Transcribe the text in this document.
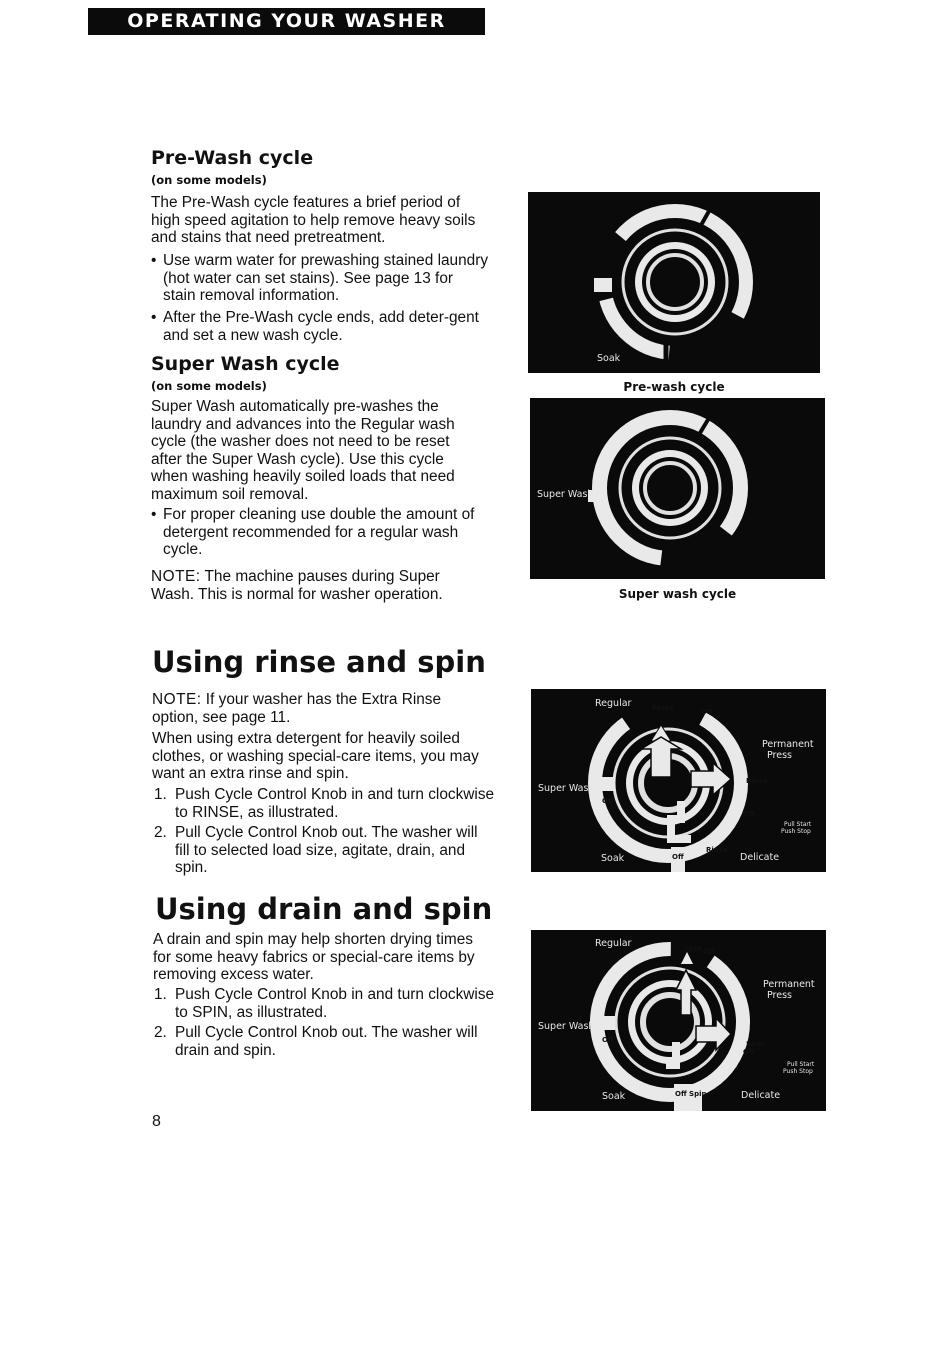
OPERATING YOUR WASHER
Pre-Wash cycle
(on some models)
The Pre-Wash cycle features a brief period of high speed agitation to help remove heavy soils and stains that need pretreatment.
• Use warm water for prewashing stained laundry (hot water can set stains). See page 13 for stain removal information.
• After the Pre-Wash cycle ends, add deter-gent and set a new wash cycle.
Super Wash cycle
(on some models)
Super Wash automatically pre-washes the laundry and advances into the Regular wash cycle (the washer does not need to be reset after the Super Wash cycle). Use this cycle when washing heavily soiled loads that need maximum soil removal.
• For proper cleaning use double the amount of detergent recommended for a regular wash cycle.
NOTE: The machine pauses during Super Wash. This is normal for washer operation.
Using rinse and spin
NOTE: If your washer has the Extra Rinse option, see page 11.
When using extra detergent for heavily soiled clothes, or washing special-care items, you may want an extra rinse and spin.
1. Push Cycle Control Knob in and turn clockwise to RINSE, as illustrated.
2. Pull Cycle Control Knob out. The washer will fill to selected load size, agitate, drain, and spin.
Using drain and spin
A drain and spin may help shorten drying times for some heavy fabrics or special-care items by removing excess water.
1. Push Cycle Control Knob in and turn clockwise to SPIN, as illustrated.
2. Pull Cycle Control Knob out. The washer will drain and spin.
Soak
Pre-wash cycle
Super Wash
Super wash cycle
Regular	Rinse	Off
Permanent
Press
Rinse
Off
Pull Start
Push Stop
Super Wash
Off
Rinse
Off
Soak	Delicate
Regular	Spin Off
Permanent
Press
Spin
Off
Pull Start
Push Stop
Super Wash
Off
Off Spin
Soak	Delicate
8
